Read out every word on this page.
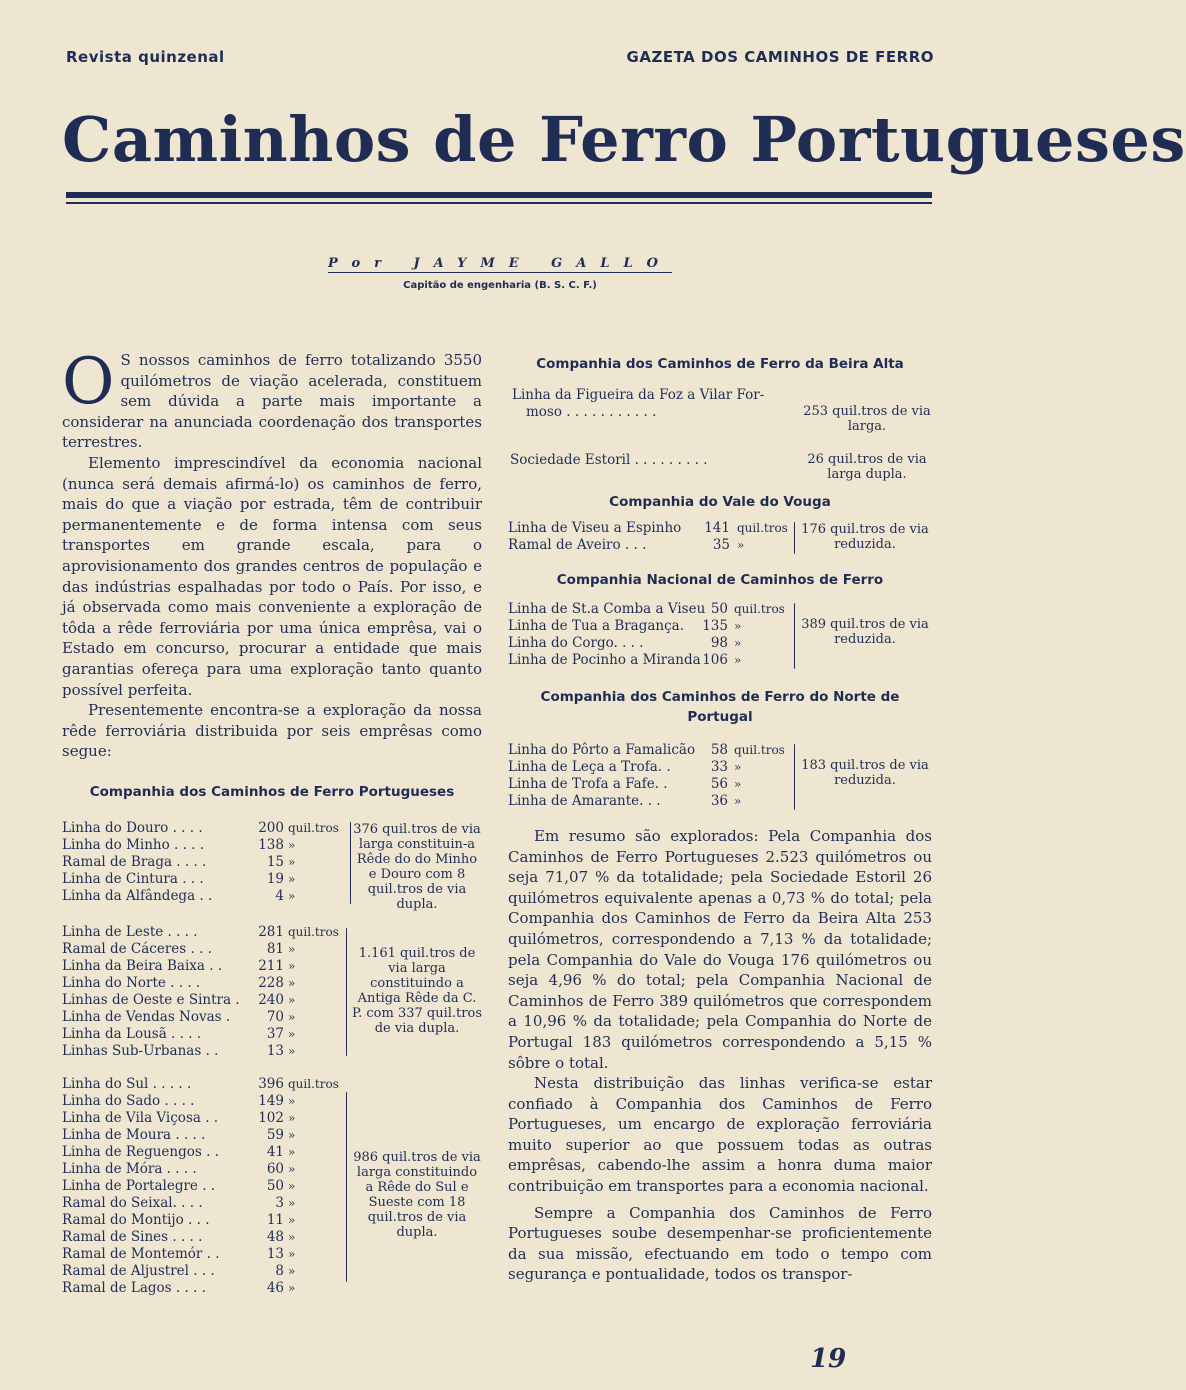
Revista quinzenal	GAZETA DOS CAMINHOS DE FERRO
Caminhos de Ferro Portugueses
Por JAYME GALLO
Capitão de engenharia (B. S. C. F.)

O S nossos caminhos de ferro totalizando 3550 quilómetros de viação acelerada, constituem sem dúvida a parte mais importante a considerar na anunciada coordenação dos transportes terrestres.

Elemento imprescindível da economia nacional (nunca será demais afirmá-lo) os caminhos de ferro, mais do que a viação por estrada, têm de contribuir permanentemente e de forma intensa com seus transportes em grande escala, para o aprovisionamento dos grandes centros de população e das indústrias espalhadas por todo o País. Por isso, e já observada como mais conveniente a exploração de tôda a rêde ferroviária por uma única emprêsa, vai o Estado em concurso, procurar a entidade que mais garantias ofereça para uma exploração tanto quanto possível perfeita.

Presentemente encontra-se a exploração da nossa rêde ferroviária distribuida por seis emprêsas como segue:

Companhia dos Caminhos de Ferro Portugueses

Linha do Douro . . . .	200 quil.tros
Linha do Minho . . . .	138 »
Ramal de Braga . . . .	15 »
Linha de Cintura . . .	19 »
Linha da Alfândega . .	4 »
376 quil.tros de via larga constituin-a Rêde do do Minho e Douro com 8 quil.tros de via dupla.
Linha de Leste . . . .	281 quil.tros
Ramal de Cáceres . . .	81 »
Linha da Beira Baixa . .	211 »
Linha do Norte . . . .	228 »
Linhas de Oeste e Sintra .	240 »
Linha de Vendas Novas .	70 »
Linha da Lousã . . . .	37 »
Linhas Sub-Urbanas . .	13 »
1.161 quil.tros de via larga constituindo a Antiga Rêde da C. P. com 337 quil.tros de via dupla.
Linha do Sul . . . . .	396 quil.tros
Linha do Sado . . . .	149 »
Linha de Vila Viçosa . .	102 »
Linha de Moura . . . .	59 »
Linha de Reguengos . .	41 »
Linha de Móra . . . .	60 »
Linha de Portalegre . .	50 »
Ramal do Seixal. . . .	3 »
Ramal do Montijo . . .	11 »
Ramal de Sines . . . .	48 »
Ramal de Montemór . .	13 »
Ramal de Aljustrel . . .	8 »
Ramal de Lagos . . . .	46 »
986 quil.tros de via larga constituindo a Rêde do Sul e Sueste com 18 quil.tros de via dupla.

Companhia dos Caminhos de Ferro da Beira Alta

Linha da Figueira da Foz a Vilar For-
moso . . . . . . . . . . .	253 quil.tros de via larga.
Sociedade Estoril . . . . . . . . .	26 quil.tros de via larga dupla.

Companhia do Vale do Vouga

Linha de Viseu a Espinho	141 quil.tros
Ramal de Aveiro . . .	35 »
176 quil.tros de via reduzida.

Companhia Nacional de Caminhos de Ferro

Linha de St.a Comba a Viseu 50 quil.tros
Linha de Tua a Bragança.	135 »
Linha do Corgo. . . .	98 »
Linha de Pocinho a Miranda 106 »
389 quil.tros de via reduzida.

Companhia dos Caminhos de Ferro do Norte de Portugal

Linha do Pôrto a Famalicão	58 quil.tros
Linha de Leça a Trofa. .	33 »
Linha de Trofa a Fafe. .	56 »
Linha de Amarante. . .	36 »
183 quil.tros de via reduzida.

Em resumo são explorados: Pela Companhia dos Caminhos de Ferro Portugueses 2.523 quilómetros ou seja 71,07 % da totalidade; pela Sociedade Estoril 26 quilómetros equivalente apenas a 0,73 % do total; pela Companhia dos Caminhos de Ferro da Beira Alta 253 quilómetros, correspondendo a 7,13 % da totalidade; pela Companhia do Vale do Vouga 176 quilómetros ou seja 4,96 % do total; pela Companhia Nacional de Caminhos de Ferro 389 quilómetros que correspondem a 10,96 % da totalidade; pela Companhia do Norte de Portugal 183 quilómetros correspondendo a 5,15 % sôbre o total.

Nesta distribuição das linhas verifica-se estar confiado à Companhia dos Caminhos de Ferro Portugueses, um encargo de exploração ferroviária muito superior ao que possuem todas as outras emprêsas, cabendo-lhe assim a honra duma maior contribuição em transportes para a economia nacional.

Sempre a Companhia dos Caminhos de Ferro Portugueses soube desempenhar-se proficientemente da sua missão, efectuando em todo o tempo com segurança e pontualidade, todos os transpor-

19
